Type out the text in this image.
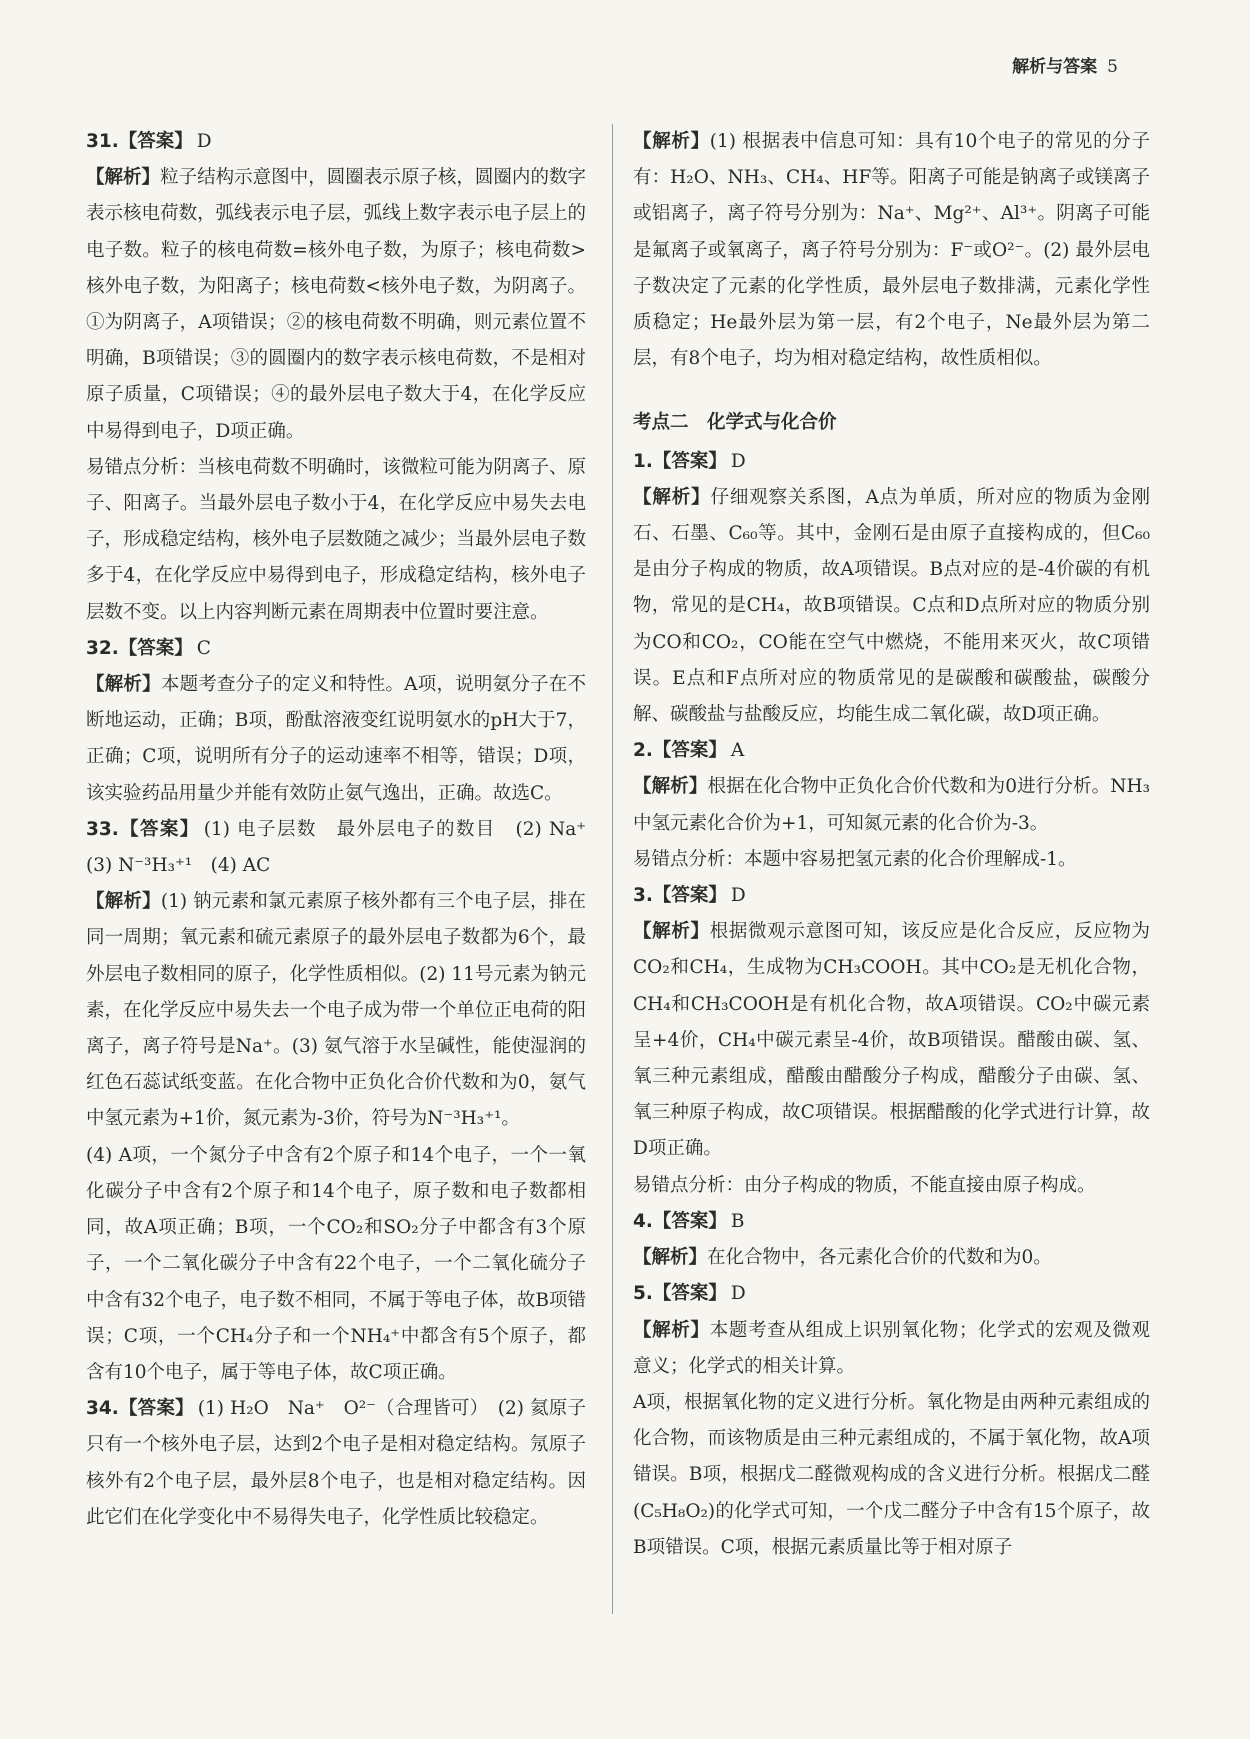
解析与答案 5

31.【答案】 D

【解析】粒子结构示意图中，圆圈表示原子核，圆圈内的数字表示核电荷数，弧线表示电子层，弧线上数字表示电子层上的电子数。粒子的核电荷数=核外电子数，为原子；核电荷数>核外电子数，为阳离子；核电荷数<核外电子数，为阴离子。①为阴离子，A项错误；②的核电荷数不明确，则元素位置不明确，B项错误；③的圆圈内的数字表示核电荷数，不是相对原子质量，C项错误；④的最外层电子数大于4，在化学反应中易得到电子，D项正确。

易错点分析：当核电荷数不明确时，该微粒可能为阴离子、原子、阳离子。当最外层电子数小于4，在化学反应中易失去电子，形成稳定结构，核外电子层数随之减少；当最外层电子数多于4，在化学反应中易得到电子，形成稳定结构，核外电子层数不变。以上内容判断元素在周期表中位置时要注意。

32.【答案】 C

【解析】本题考查分子的定义和特性。A项，说明氨分子在不断地运动，正确；B项，酚酞溶液变红说明氨水的pH大于7，正确；C项，说明所有分子的运动速率不相等，错误；D项，该实验药品用量少并能有效防止氨气逸出，正确。故选C。

33.【答案】 (1) 电子层数　最外层电子的数目　(2) Na⁺　(3) N⁻³H₃⁺¹　(4) AC

【解析】(1) 钠元素和氯元素原子核外都有三个电子层，排在同一周期；氧元素和硫元素原子的最外层电子数都为6个，最外层电子数相同的原子，化学性质相似。(2) 11号元素为钠元素，在化学反应中易失去一个电子成为带一个单位正电荷的阳离子，离子符号是Na⁺。(3) 氨气溶于水呈碱性，能使湿润的红色石蕊试纸变蓝。在化合物中正负化合价代数和为0，氨气中氢元素为+1价，氮元素为-3价，符号为N⁻³H₃⁺¹。

(4) A项，一个氮分子中含有2个原子和14个电子，一个一氧化碳分子中含有2个原子和14个电子，原子数和电子数都相同，故A项正确；B项，一个CO₂和SO₂分子中都含有3个原子，一个二氧化碳分子中含有22个电子，一个二氧化硫分子中含有32个电子，电子数不相同，不属于等电子体，故B项错误；C项，一个CH₄分子和一个NH₄⁺中都含有5个原子，都含有10个电子，属于等电子体，故C项正确。

34.【答案】 (1) H₂O　Na⁺　O²⁻（合理皆可）　(2) 氦原子只有一个核外电子层，达到2个电子是相对稳定结构。氖原子核外有2个电子层，最外层8个电子，也是相对稳定结构。因此它们在化学变化中不易得失电子，化学性质比较稳定。

【解析】(1) 根据表中信息可知：具有10个电子的常见的分子有：H₂O、NH₃、CH₄、HF等。阳离子可能是钠离子或镁离子或铝离子，离子符号分别为：Na⁺、Mg²⁺、Al³⁺。阴离子可能是氟离子或氧离子，离子符号分别为：F⁻或O²⁻。(2) 最外层电子数决定了元素的化学性质，最外层电子数排满，元素化学性质稳定；He最外层为第一层，有2个电子，Ne最外层为第二层，有8个电子，均为相对稳定结构，故性质相似。

考点二　化学式与化合价

1.【答案】 D

【解析】仔细观察关系图，A点为单质，所对应的物质为金刚石、石墨、C₆₀等。其中，金刚石是由原子直接构成的，但C₆₀是由分子构成的物质，故A项错误。B点对应的是-4价碳的有机物，常见的是CH₄，故B项错误。C点和D点所对应的物质分别为CO和CO₂，CO能在空气中燃烧，不能用来灭火，故C项错误。E点和F点所对应的物质常见的是碳酸和碳酸盐，碳酸分解、碳酸盐与盐酸反应，均能生成二氧化碳，故D项正确。

2.【答案】 A

【解析】根据在化合物中正负化合价代数和为0进行分析。NH₃中氢元素化合价为+1，可知氮元素的化合价为-3。

易错点分析：本题中容易把氢元素的化合价理解成-1。

3.【答案】 D

【解析】根据微观示意图可知，该反应是化合反应，反应物为CO₂和CH₄，生成物为CH₃COOH。其中CO₂是无机化合物，CH₄和CH₃COOH是有机化合物，故A项错误。CO₂中碳元素呈+4价，CH₄中碳元素呈-4价，故B项错误。醋酸由碳、氢、氧三种元素组成，醋酸由醋酸分子构成，醋酸分子由碳、氢、氧三种原子构成，故C项错误。根据醋酸的化学式进行计算，故D项正确。

易错点分析：由分子构成的物质，不能直接由原子构成。

4.【答案】 B

【解析】在化合物中，各元素化合价的代数和为0。

5.【答案】 D

【解析】本题考查从组成上识别氧化物；化学式的宏观及微观意义；化学式的相关计算。

A项，根据氧化物的定义进行分析。氧化物是由两种元素组成的化合物，而该物质是由三种元素组成的，不属于氧化物，故A项错误。B项，根据戊二醛微观构成的含义进行分析。根据戊二醛(C₅H₈O₂)的化学式可知，一个戊二醛分子中含有15个原子，故B项错误。C项，根据元素质量比等于相对原子
